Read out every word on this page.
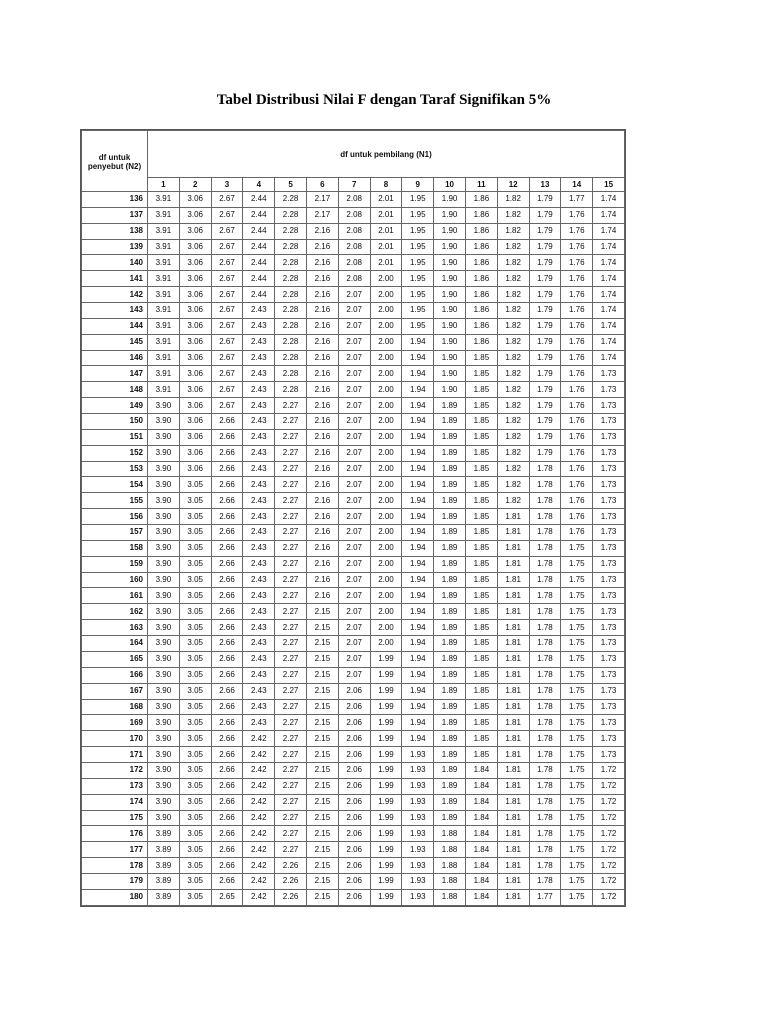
Tabel Distribusi Nilai F dengan Taraf Signifikan 5%
df untuk penyebut (N2)	df untuk pembilang (N1)														
	1	2	3	4	5	6	7	8	9	10	11	12	13	14	15
136	3.91	3.06	2.67	2.44	2.28	2.17	2.08	2.01	1.95	1.90	1.86	1.82	1.79	1.77	1.74
137	3.91	3.06	2.67	2.44	2.28	2.17	2.08	2.01	1.95	1.90	1.86	1.82	1.79	1.76	1.74
138	3.91	3.06	2.67	2.44	2.28	2.16	2.08	2.01	1.95	1.90	1.86	1.82	1.79	1.76	1.74
139	3.91	3.06	2.67	2.44	2.28	2.16	2.08	2.01	1.95	1.90	1.86	1.82	1.79	1.76	1.74
140	3.91	3.06	2.67	2.44	2.28	2.16	2.08	2.01	1.95	1.90	1.86	1.82	1.79	1.76	1.74
141	3.91	3.06	2.67	2.44	2.28	2.16	2.08	2.00	1.95	1.90	1.86	1.82	1.79	1.76	1.74
142	3.91	3.06	2.67	2.44	2.28	2.16	2.07	2.00	1.95	1.90	1.86	1.82	1.79	1.76	1.74
143	3.91	3.06	2.67	2.43	2.28	2.16	2.07	2.00	1.95	1.90	1.86	1.82	1.79	1.76	1.74
144	3.91	3.06	2.67	2.43	2.28	2.16	2.07	2.00	1.95	1.90	1.86	1.82	1.79	1.76	1.74
145	3.91	3.06	2.67	2.43	2.28	2.16	2.07	2.00	1.94	1.90	1.86	1.82	1.79	1.76	1.74
146	3.91	3.06	2.67	2.43	2.28	2.16	2.07	2.00	1.94	1.90	1.85	1.82	1.79	1.76	1.74
147	3.91	3.06	2.67	2.43	2.28	2.16	2.07	2.00	1.94	1.90	1.85	1.82	1.79	1.76	1.73
148	3.91	3.06	2.67	2.43	2.28	2.16	2.07	2.00	1.94	1.90	1.85	1.82	1.79	1.76	1.73
149	3.90	3.06	2.67	2.43	2.27	2.16	2.07	2.00	1.94	1.89	1.85	1.82	1.79	1.76	1.73
150	3.90	3.06	2.66	2.43	2.27	2.16	2.07	2.00	1.94	1.89	1.85	1.82	1.79	1.76	1.73
151	3.90	3.06	2.66	2.43	2.27	2.16	2.07	2.00	1.94	1.89	1.85	1.82	1.79	1.76	1.73
152	3.90	3.06	2.66	2.43	2.27	2.16	2.07	2.00	1.94	1.89	1.85	1.82	1.79	1.76	1.73
153	3.90	3.06	2.66	2.43	2.27	2.16	2.07	2.00	1.94	1.89	1.85	1.82	1.78	1.76	1.73
154	3.90	3.05	2.66	2.43	2.27	2.16	2.07	2.00	1.94	1.89	1.85	1.82	1.78	1.76	1.73
155	3.90	3.05	2.66	2.43	2.27	2.16	2.07	2.00	1.94	1.89	1.85	1.82	1.78	1.76	1.73
156	3.90	3.05	2.66	2.43	2.27	2.16	2.07	2.00	1.94	1.89	1.85	1.81	1.78	1.76	1.73
157	3.90	3.05	2.66	2.43	2.27	2.16	2.07	2.00	1.94	1.89	1.85	1.81	1.78	1.76	1.73
158	3.90	3.05	2.66	2.43	2.27	2.16	2.07	2.00	1.94	1.89	1.85	1.81	1.78	1.75	1.73
159	3.90	3.05	2.66	2.43	2.27	2.16	2.07	2.00	1.94	1.89	1.85	1.81	1.78	1.75	1.73
160	3.90	3.05	2.66	2.43	2.27	2.16	2.07	2.00	1.94	1.89	1.85	1.81	1.78	1.75	1.73
161	3.90	3.05	2.66	2.43	2.27	2.16	2.07	2.00	1.94	1.89	1.85	1.81	1.78	1.75	1.73
162	3.90	3.05	2.66	2.43	2.27	2.15	2.07	2.00	1.94	1.89	1.85	1.81	1.78	1.75	1.73
163	3.90	3.05	2.66	2.43	2.27	2.15	2.07	2.00	1.94	1.89	1.85	1.81	1.78	1.75	1.73
164	3.90	3.05	2.66	2.43	2.27	2.15	2.07	2.00	1.94	1.89	1.85	1.81	1.78	1.75	1.73
165	3.90	3.05	2.66	2.43	2.27	2.15	2.07	1.99	1.94	1.89	1.85	1.81	1.78	1.75	1.73
166	3.90	3.05	2.66	2.43	2.27	2.15	2.07	1.99	1.94	1.89	1.85	1.81	1.78	1.75	1.73
167	3.90	3.05	2.66	2.43	2.27	2.15	2.06	1.99	1.94	1.89	1.85	1.81	1.78	1.75	1.73
168	3.90	3.05	2.66	2.43	2.27	2.15	2.06	1.99	1.94	1.89	1.85	1.81	1.78	1.75	1.73
169	3.90	3.05	2.66	2.43	2.27	2.15	2.06	1.99	1.94	1.89	1.85	1.81	1.78	1.75	1.73
170	3.90	3.05	2.66	2.42	2.27	2.15	2.06	1.99	1.94	1.89	1.85	1.81	1.78	1.75	1.73
171	3.90	3.05	2.66	2.42	2.27	2.15	2.06	1.99	1.93	1.89	1.85	1.81	1.78	1.75	1.73
172	3.90	3.05	2.66	2.42	2.27	2.15	2.06	1.99	1.93	1.89	1.84	1.81	1.78	1.75	1.72
173	3.90	3.05	2.66	2.42	2.27	2.15	2.06	1.99	1.93	1.89	1.84	1.81	1.78	1.75	1.72
174	3.90	3.05	2.66	2.42	2.27	2.15	2.06	1.99	1.93	1.89	1.84	1.81	1.78	1.75	1.72
175	3.90	3.05	2.66	2.42	2.27	2.15	2.06	1.99	1.93	1.89	1.84	1.81	1.78	1.75	1.72
176	3.89	3.05	2.66	2.42	2.27	2.15	2.06	1.99	1.93	1.88	1.84	1.81	1.78	1.75	1.72
177	3.89	3.05	2.66	2.42	2.27	2.15	2.06	1.99	1.93	1.88	1.84	1.81	1.78	1.75	1.72
178	3.89	3.05	2.66	2.42	2.26	2.15	2.06	1.99	1.93	1.88	1.84	1.81	1.78	1.75	1.72
179	3.89	3.05	2.66	2.42	2.26	2.15	2.06	1.99	1.93	1.88	1.84	1.81	1.78	1.75	1.72
180	3.89	3.05	2.65	2.42	2.26	2.15	2.06	1.99	1.93	1.88	1.84	1.81	1.77	1.75	1.72
